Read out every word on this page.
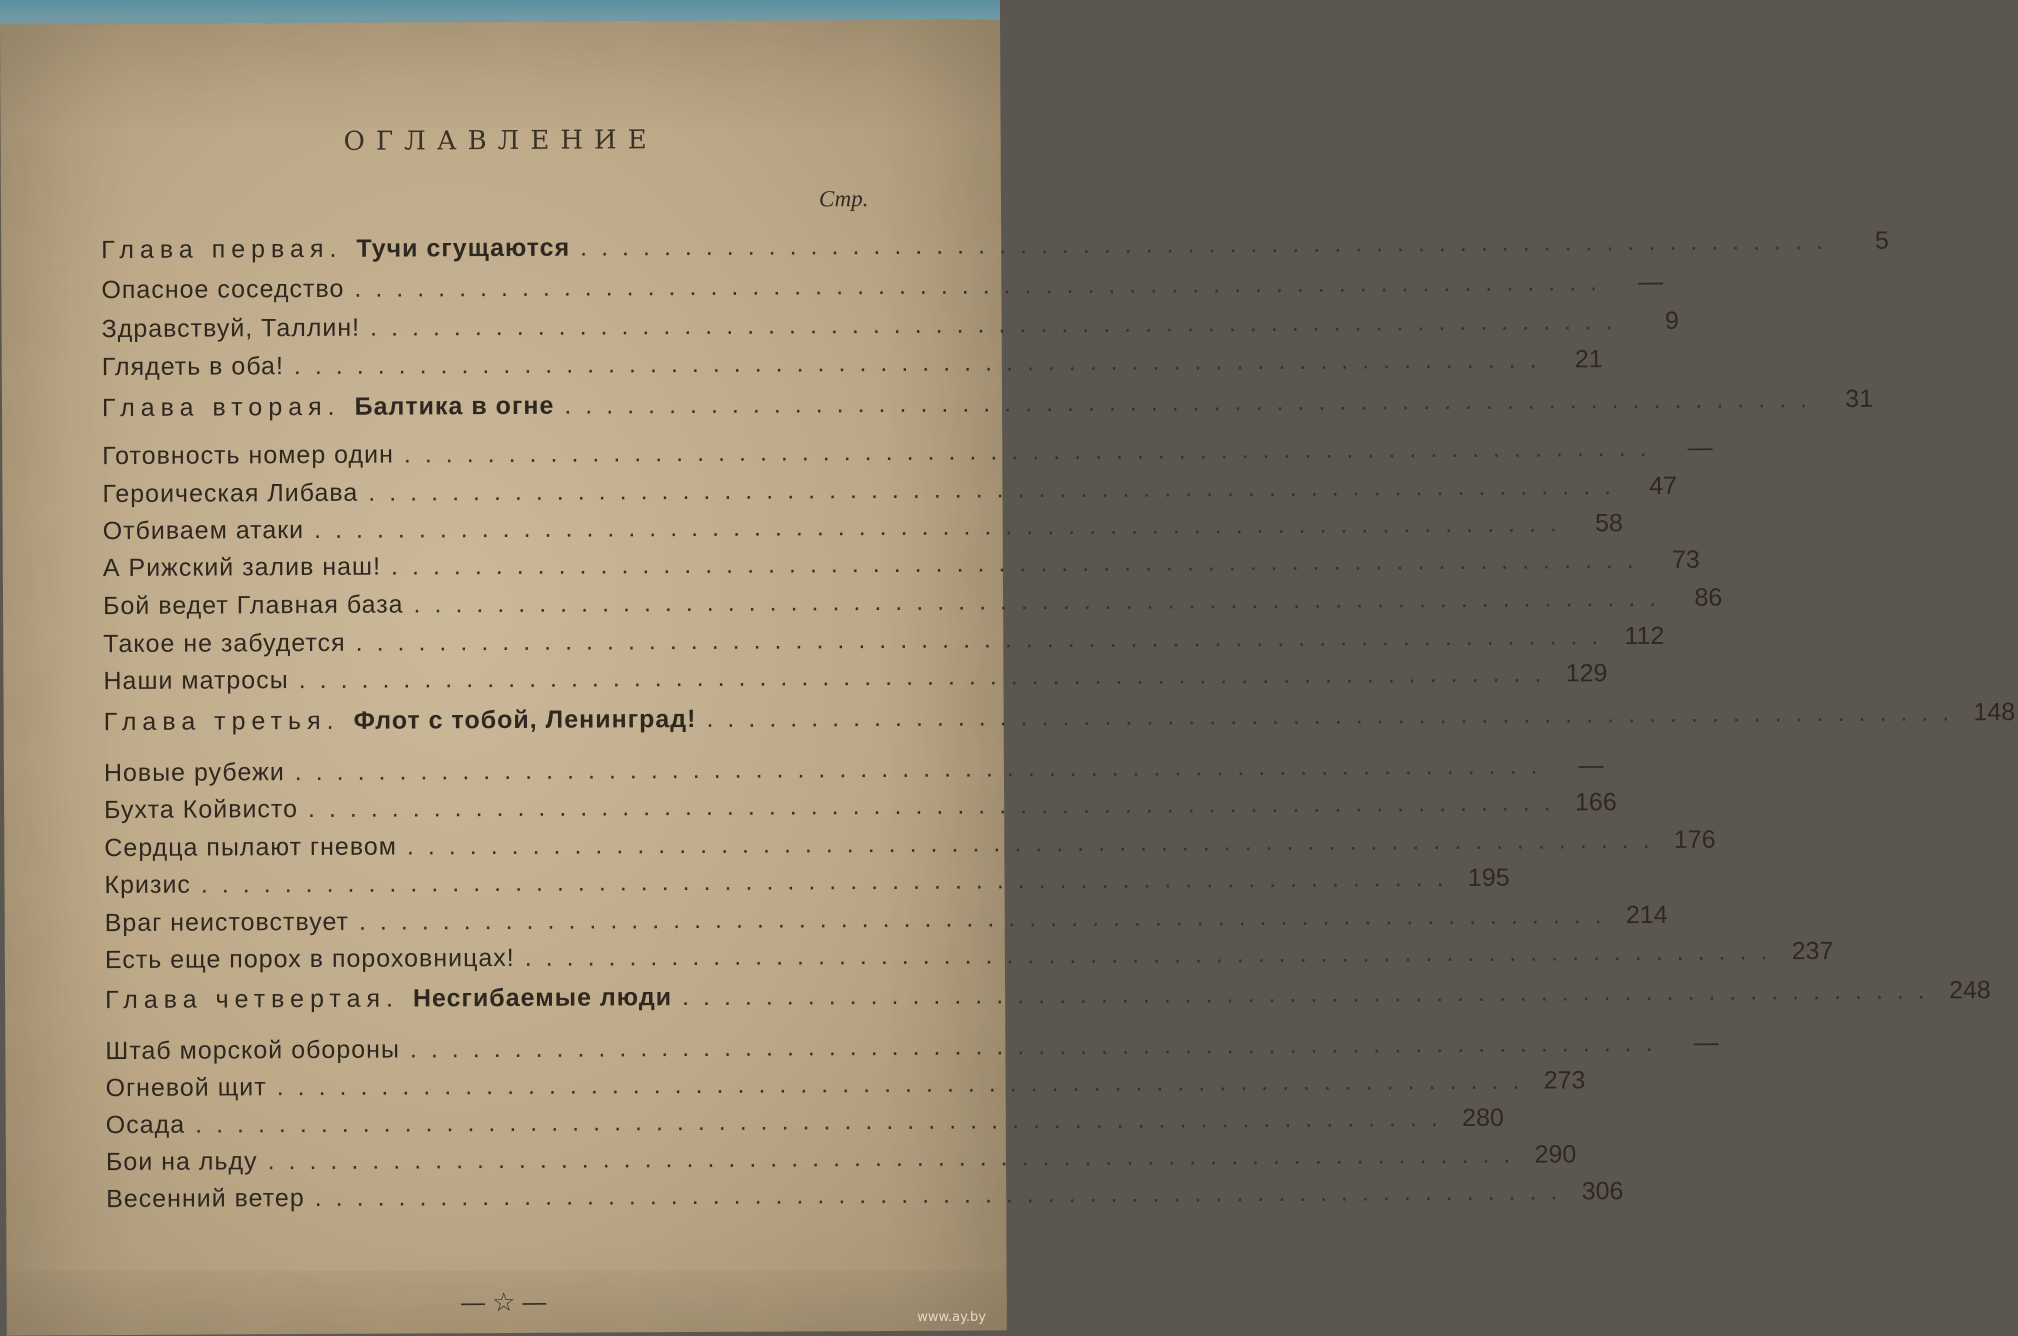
ОГЛАВЛЕНИЕ
Стр.
Глава первая. Тучи сгущаются ............................................................	5
Опасное соседство ............................................................	—
Здравствуй, Таллин! ............................................................	9
Глядеть в оба! ............................................................ 21
Глава вторая. Балтика в огне ............................................................ 31
Готовность номер один ............................................................	—
Героическая Либава ............................................................ 47
Отбиваем атаки ............................................................ 58
А Рижский залив наш! ............................................................ 73
Бой ведет Главная база ............................................................ 86
Такое не забудется ............................................................ 112
Наши матросы ............................................................ 129
Глава третья. Флот с тобой, Ленинград! ............................................................ 148
Новые рубежи ............................................................	—
Бухта Койвисто ............................................................ 166
Сердца пылают гневом ............................................................ 176
Кризис ............................................................ 195
Враг неистовствует ............................................................ 214
Есть еще порох в пороховницах! ............................................................ 237
Глава четвертая. Несгибаемые люди ............................................................ 248
Штаб морской обороны ............................................................	—
Огневой щит ............................................................ 273
Осада ............................................................ 280
Бои на льду ............................................................ 290
Весенний ветер ............................................................ 306
—☆—	www.ay.by
